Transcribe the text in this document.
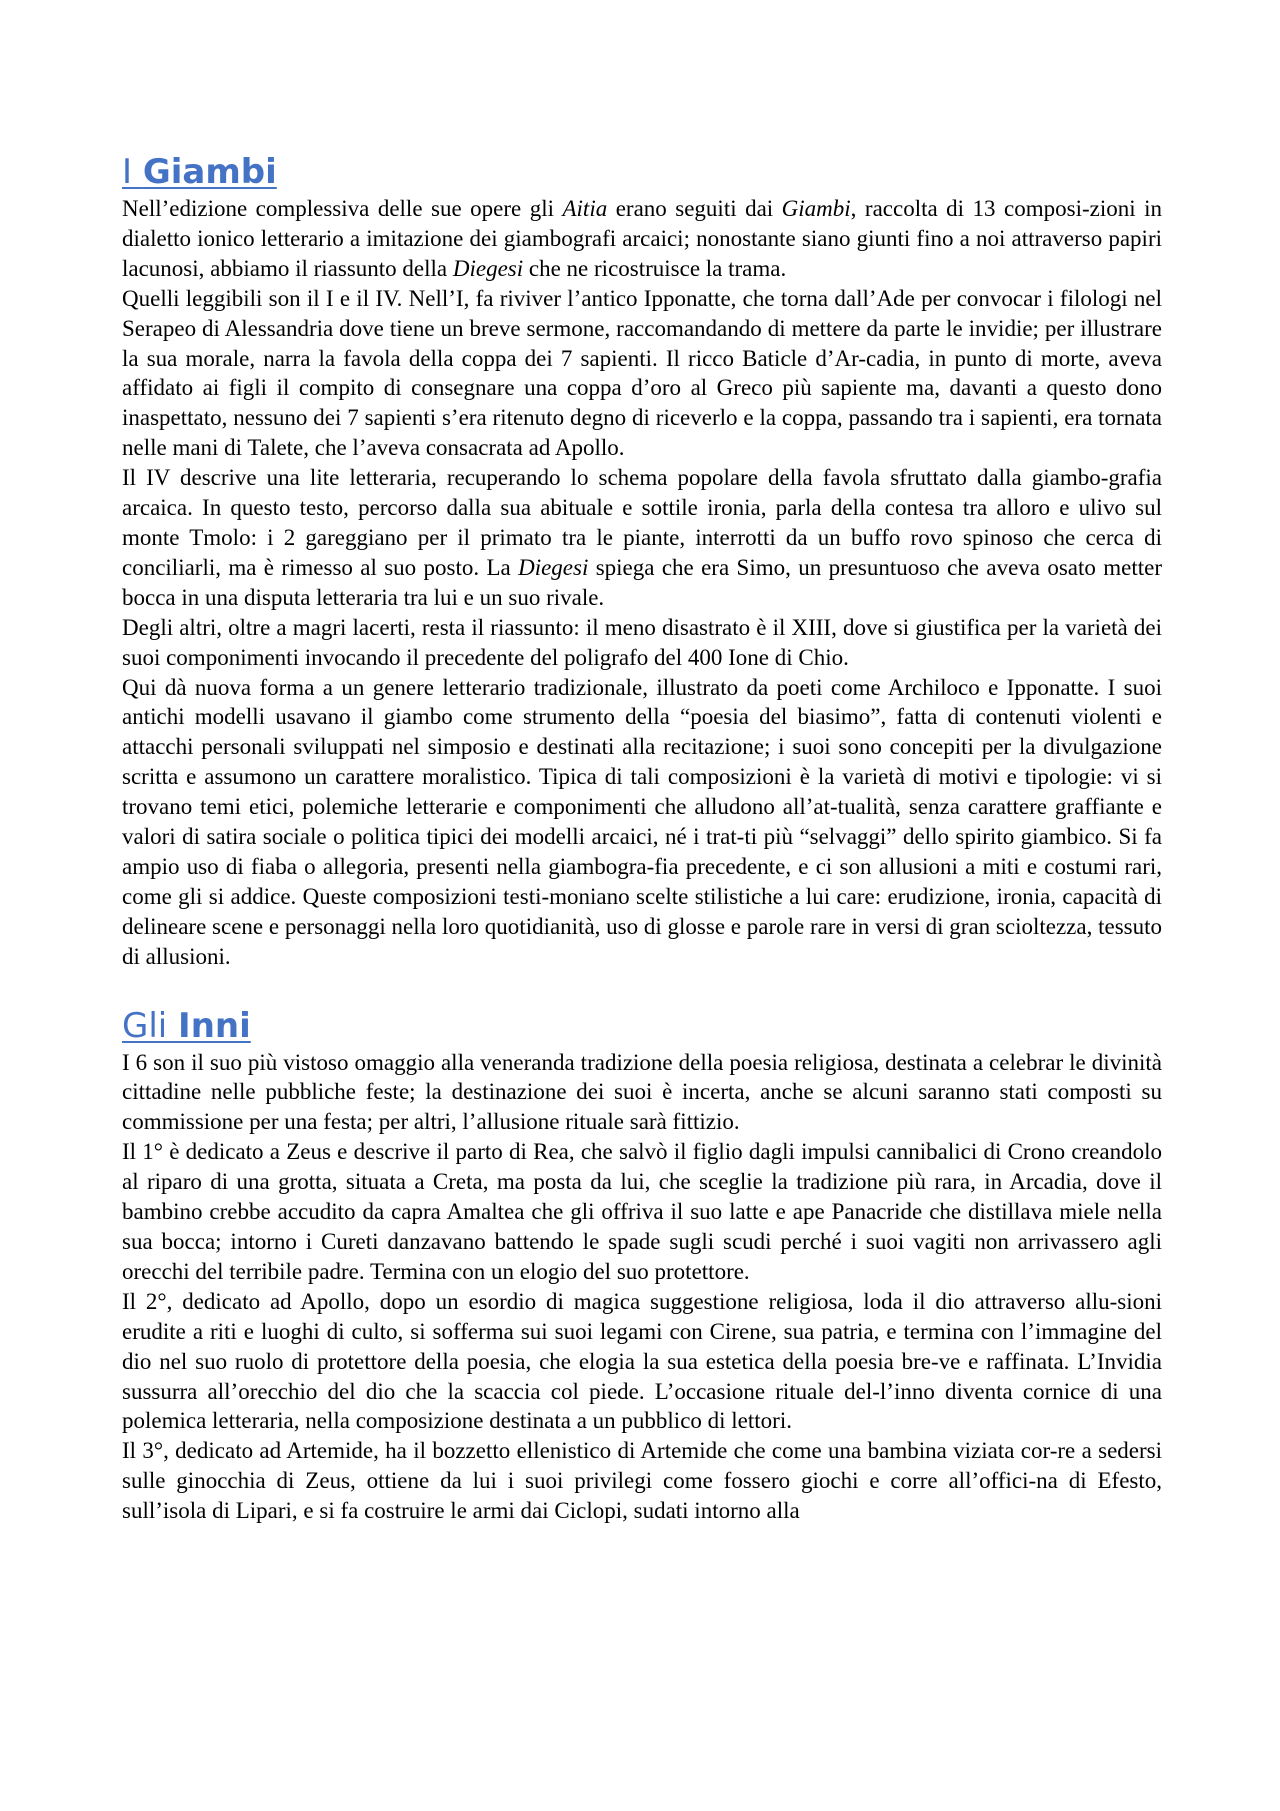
I Giambi

Nell’edizione complessiva delle sue opere gli Aitia erano seguiti dai Giambi, raccolta di 13 composi-zioni in dialetto ionico letterario a imitazione dei giambografi arcaici; nonostante siano giunti fino a noi attraverso papiri lacunosi, abbiamo il riassunto della Diegesi che ne ricostruisce la trama.

Quelli leggibili son il I e il IV. Nell’I, fa riviver l’antico Ipponatte, che torna dall’Ade per convocar i filologi nel Serapeo di Alessandria dove tiene un breve sermone, raccomandando di mettere da parte le invidie; per illustrare la sua morale, narra la favola della coppa dei 7 sapienti. Il ricco Baticle d’Ar-cadia, in punto di morte, aveva affidato ai figli il compito di consegnare una coppa d’oro al Greco più sapiente ma, davanti a questo dono inaspettato, nessuno dei 7 sapienti s’era ritenuto degno di riceverlo e la coppa, passando tra i sapienti, era tornata nelle mani di Talete, che l’aveva consacrata ad Apollo.

Il IV descrive una lite letteraria, recuperando lo schema popolare della favola sfruttato dalla giambo-grafia arcaica. In questo testo, percorso dalla sua abituale e sottile ironia, parla della contesa tra alloro e ulivo sul monte Tmolo: i 2 gareggiano per il primato tra le piante, interrotti da un buffo rovo spinoso che cerca di conciliarli, ma è rimesso al suo posto. La Diegesi spiega che era Simo, un presuntuoso che aveva osato metter bocca in una disputa letteraria tra lui e un suo rivale.

Degli altri, oltre a magri lacerti, resta il riassunto: il meno disastrato è il XIII, dove si giustifica per la varietà dei suoi componimenti invocando il precedente del poligrafo del 400 Ione di Chio.

Qui dà nuova forma a un genere letterario tradizionale, illustrato da poeti come Archiloco e Ipponatte. I suoi antichi modelli usavano il giambo come strumento della “poesia del biasimo”, fatta di contenuti violenti e attacchi personali sviluppati nel simposio e destinati alla recitazione; i suoi sono concepiti per la divulgazione scritta e assumono un carattere moralistico. Tipica di tali composizioni è la varietà di motivi e tipologie: vi si trovano temi etici, polemiche letterarie e componimenti che alludono all’at-tualità, senza carattere graffiante e valori di satira sociale o politica tipici dei modelli arcaici, né i trat-ti più “selvaggi” dello spirito giambico. Si fa ampio uso di fiaba o allegoria, presenti nella giambogra-fia precedente, e ci son allusioni a miti e costumi rari, come gli si addice. Queste composizioni testi-moniano scelte stilistiche a lui care: erudizione, ironia, capacità di delineare scene e personaggi nella loro quotidianità, uso di glosse e parole rare in versi di gran scioltezza, tessuto di allusioni.

Gli Inni

I 6 son il suo più vistoso omaggio alla veneranda tradizione della poesia religiosa, destinata a celebrar le divinità cittadine nelle pubbliche feste; la destinazione dei suoi è incerta, anche se alcuni saranno stati composti su commissione per una festa; per altri, l’allusione rituale sarà fittizio.

Il 1° è dedicato a Zeus e descrive il parto di Rea, che salvò il figlio dagli impulsi cannibalici di Crono creandolo al riparo di una grotta, situata a Creta, ma posta da lui, che sceglie la tradizione più rara, in Arcadia, dove il bambino crebbe accudito da capra Amaltea che gli offriva il suo latte e ape Panacride che distillava miele nella sua bocca; intorno i Cureti danzavano battendo le spade sugli scudi perché i suoi vagiti non arrivassero agli orecchi del terribile padre. Termina con un elogio del suo protettore.

Il 2°, dedicato ad Apollo, dopo un esordio di magica suggestione religiosa, loda il dio attraverso allu-sioni erudite a riti e luoghi di culto, si sofferma sui suoi legami con Cirene, sua patria, e termina con l’immagine del dio nel suo ruolo di protettore della poesia, che elogia la sua estetica della poesia bre-ve e raffinata. L’Invidia sussurra all’orecchio del dio che la scaccia col piede. L’occasione rituale del-l’inno diventa cornice di una polemica letteraria, nella composizione destinata a un pubblico di lettori.

Il 3°, dedicato ad Artemide, ha il bozzetto ellenistico di Artemide che come una bambina viziata cor-re a sedersi sulle ginocchia di Zeus, ottiene da lui i suoi privilegi come fossero giochi e corre all’offici-na di Efesto, sull’isola di Lipari, e si fa costruire le armi dai Ciclopi, sudati intorno alla
